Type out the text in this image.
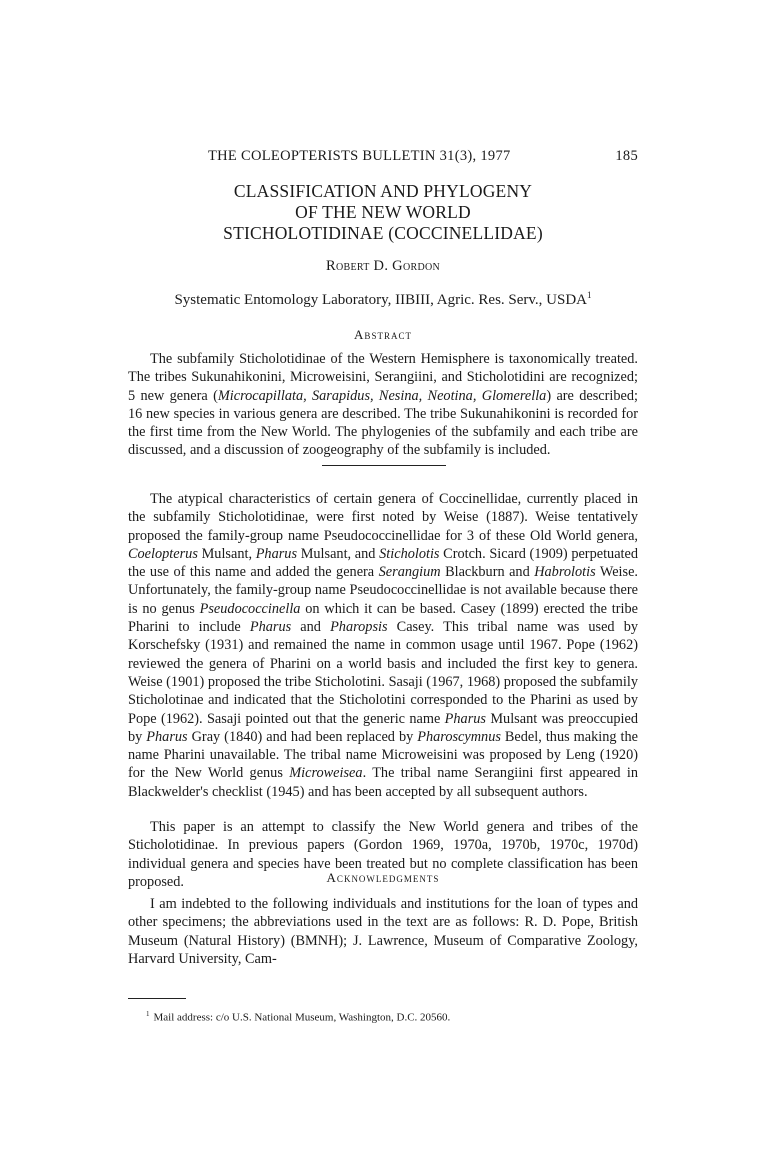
THE COLEOPTERISTS BULLETIN 31(3), 1977	185
CLASSIFICATION AND PHYLOGENY
OF THE NEW WORLD
STICHOLOTIDINAE (COCCINELLIDAE)
Robert D. Gordon
Systematic Entomology Laboratory, IIBIII, Agric. Res. Serv., USDA$^1$
Abstract

The subfamily Sticholotidinae of the Western Hemisphere is taxonomically treated. The tribes Sukunahikonini, Microweisini, Serangiini, and Sticholotidini are recognized; 5 new genera (Microcapillata, Sarapidus, Nesina, Neotina, Glomerella) are described; 16 new species in various genera are described. The tribe Sukunahikonini is recorded for the first time from the New World. The phylogenies of the subfamily and each tribe are discussed, and a discussion of zoogeography of the subfamily is included.

The atypical characteristics of certain genera of Coccinellidae, currently placed in the subfamily Sticholotidinae, were first noted by Weise (1887). Weise tentatively proposed the family-group name Pseudococcinellidae for 3 of these Old World genera, Coelopterus Mulsant, Pharus Mulsant, and Sticholotis Crotch. Sicard (1909) perpetuated the use of this name and added the genera Serangium Blackburn and Habrolotis Weise. Unfortunately, the family-group name Pseudococcinellidae is not available because there is no genus Pseudococcinella on which it can be based. Casey (1899) erected the tribe Pharini to include Pharus and Pharopsis Casey. This tribal name was used by Korschefsky (1931) and remained the name in common usage until 1967. Pope (1962) reviewed the genera of Pharini on a world basis and included the first key to genera. Weise (1901) proposed the tribe Sticholotini. Sasaji (1967, 1968) proposed the subfamily Sticholotinae and indicated that the Sticholotini corresponded to the Pharini as used by Pope (1962). Sasaji pointed out that the generic name Pharus Mulsant was preoccupied by Pharus Gray (1840) and had been replaced by Pharoscymnus Bedel, thus making the name Pharini unavailable. The tribal name Microweisini was proposed by Leng (1920) for the New World genus Microweisea. The tribal name Serangiini first appeared in Blackwelder's checklist (1945) and has been accepted by all subsequent authors.

This paper is an attempt to classify the New World genera and tribes of the Sticholotidinae. In previous papers (Gordon 1969, 1970a, 1970b, 1970c, 1970d) individual genera and species have been treated but no complete classification has been proposed.	Acknowledgments

I am indebted to the following individuals and institutions for the loan of types and other specimens; the abbreviations used in the text are as follows: R. D. Pope, British Museum (Natural History) (BMNH); J. Lawrence, Museum of Comparative Zoology, Harvard University, Cam-

$^1$ Mail address: c/o U.S. National Museum, Washington, D.C. 20560.
